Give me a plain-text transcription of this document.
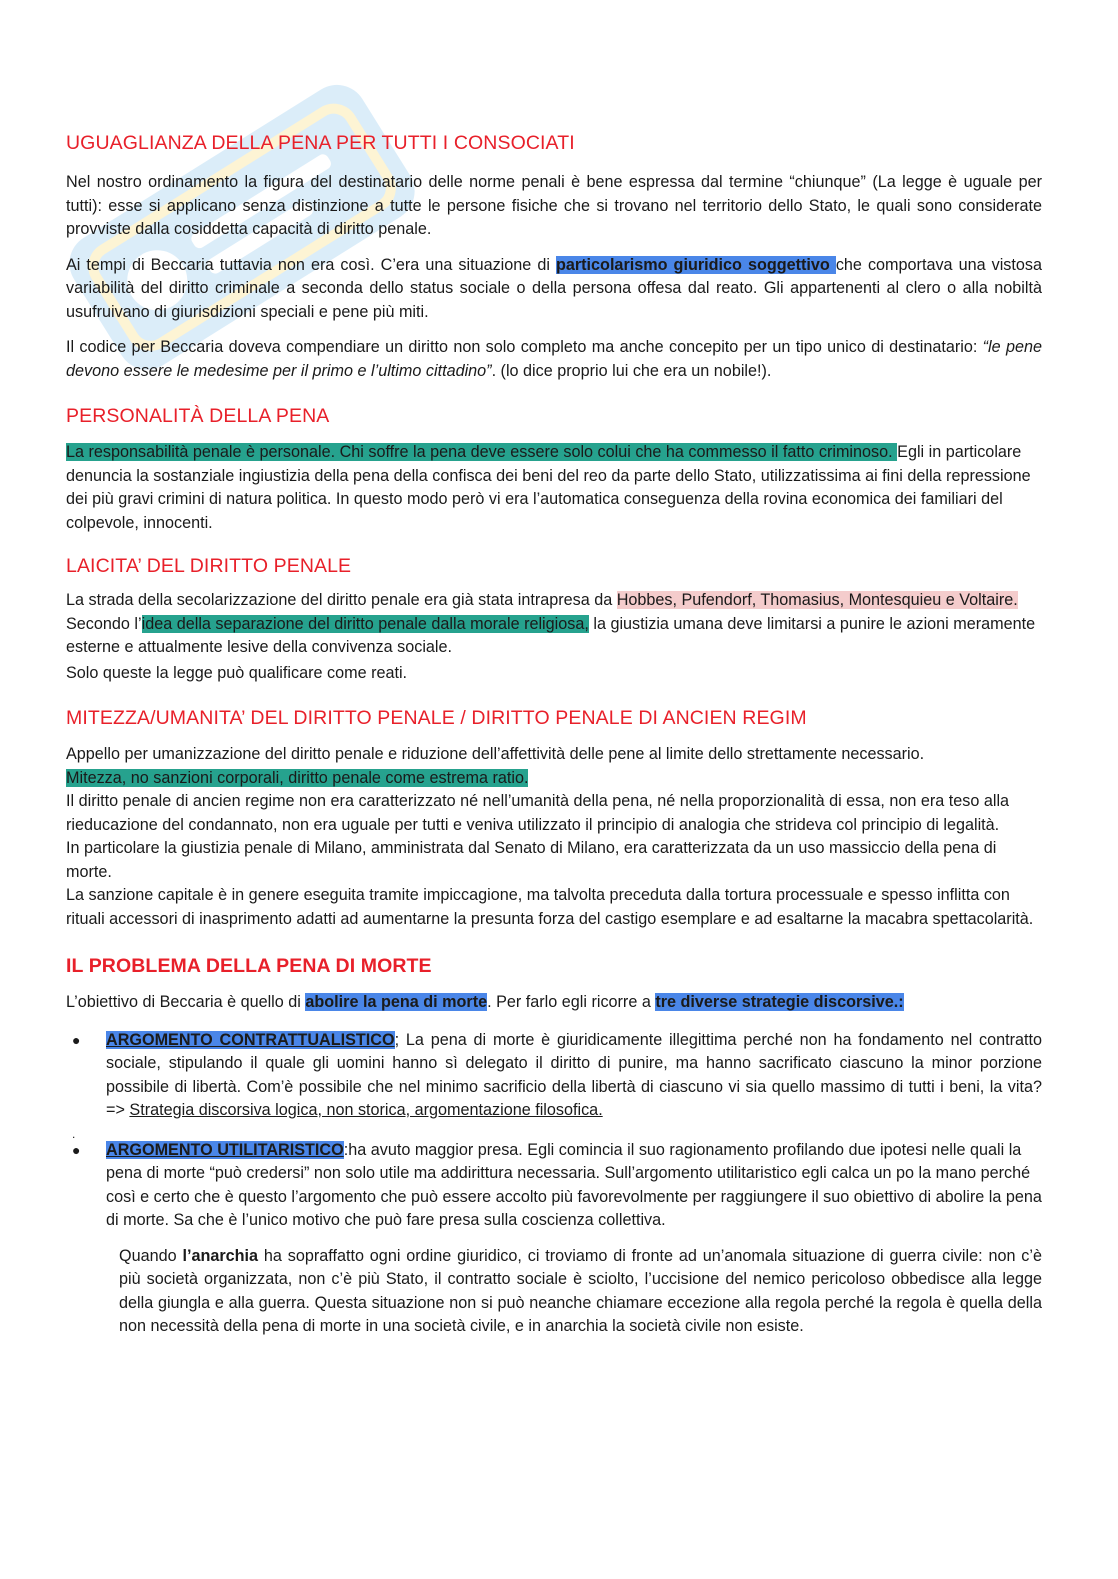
UGUAGLIANZA DELLA PENA PER TUTTI I CONSOCIATI

Nel nostro ordinamento la figura del destinatario delle norme penali è bene espressa dal termine “chiunque” (La legge è uguale per tutti): esse si applicano senza distinzione a tutte le persone fisiche che si trovano nel territorio dello Stato, le quali sono considerate provviste dalla cosiddetta capacità di diritto penale.

Ai tempi di Beccaria tuttavia non era così. C’era una situazione di particolarismo giuridico soggettivo che comportava una vistosa variabilità del diritto criminale a seconda dello status sociale o della persona offesa dal reato. Gli appartenenti al clero o alla nobiltà usufruivano di giurisdizioni speciali e pene più miti.

Il codice per Beccaria doveva compendiare un diritto non solo completo ma anche concepito per un tipo unico di destinatario: “le pene devono essere le medesime per il primo e l’ultimo cittadino”. (lo dice proprio lui che era un nobile!).

PERSONALITÀ DELLA PENA

La responsabilità penale è personale. Chi soffre la pena deve essere solo colui che ha commesso il fatto criminoso. Egli in particolare denuncia la sostanziale ingiustizia della pena della confisca dei beni del reo da parte dello Stato, utilizzatissima ai fini della repressione dei più gravi crimini di natura politica. In questo modo però vi era l’automatica conseguenza della rovina economica dei familiari del colpevole, innocenti.

LAICITA’ DEL DIRITTO PENALE

La strada della secolarizzazione del diritto penale era già stata intrapresa da Hobbes, Pufendorf, Thomasius, Montesquieu e Voltaire. Secondo l’idea della separazione del diritto penale dalla morale religiosa, la giustizia umana deve limitarsi a punire le azioni meramente esterne e attualmente lesive della convivenza sociale.

Solo queste la legge può qualificare come reati.

MITEZZA/UMANITA’ DEL DIRITTO PENALE / DIRITTO PENALE DI ANCIEN REGIM

Appello per umanizzazione del diritto penale e riduzione dell’affettività delle pene al limite dello strettamente necessario.

Mitezza, no sanzioni corporali, diritto penale come estrema ratio.

Il diritto penale di ancien regime non era caratterizzato né nell’umanità della pena, né nella proporzionalità di essa, non era teso alla rieducazione del condannato, non era uguale per tutti e veniva utilizzato il principio di analogia che strideva col principio di legalità.

In particolare la giustizia penale di Milano, amministrata dal Senato di Milano, era caratterizzata da un uso massiccio della pena di morte.

La sanzione capitale è in genere eseguita tramite impiccagione, ma talvolta preceduta dalla tortura processuale e spesso inflitta con rituali accessori di inasprimento adatti ad aumentarne la presunta forza del castigo esemplare e ad esaltarne la macabra spettacolarità.

IL PROBLEMA DELLA PENA DI MORTE

L’obiettivo di Beccaria è quello di abolire la pena di morte. Per farlo egli ricorre a tre diverse strategie discorsive.:

● ARGOMENTO CONTRATTUALISTICO; La pena di morte è giuridicamente illegittima perché non ha fondamento nel contratto sociale, stipulando il quale gli uomini hanno sì delegato il diritto di punire, ma hanno sacrificato ciascuno la minor porzione possibile di libertà. Com’è possibile che nel minimo sacrificio della libertà di ciascuno vi sia quello massimo di tutti i beni, la vita? => Strategia discorsiva logica, non storica, argomentazione filosofica.
.
● ARGOMENTO UTILITARISTICO:ha avuto maggior presa. Egli comincia il suo ragionamento profilando due ipotesi nelle quali la pena di morte “può credersi” non solo utile ma addirittura necessaria. Sull’argomento utilitaristico egli calca un po la mano perché così e certo che è questo l’argomento che può essere accolto più favorevolmente per raggiungere il suo obiettivo di abolire la pena di morte. Sa che è l’unico motivo che può fare presa sulla coscienza collettiva.

Quando l’anarchia ha sopraffatto ogni ordine giuridico, ci troviamo di fronte ad un’anomala situazione di guerra civile: non c’è più società organizzata, non c’è più Stato, il contratto sociale è sciolto, l’uccisione del nemico pericoloso obbedisce alla legge della giungla e alla guerra. Questa situazione non si può neanche chiamare eccezione alla regola perché la regola è quella della non necessità della pena di morte in una società civile, e in anarchia la società civile non esiste.
